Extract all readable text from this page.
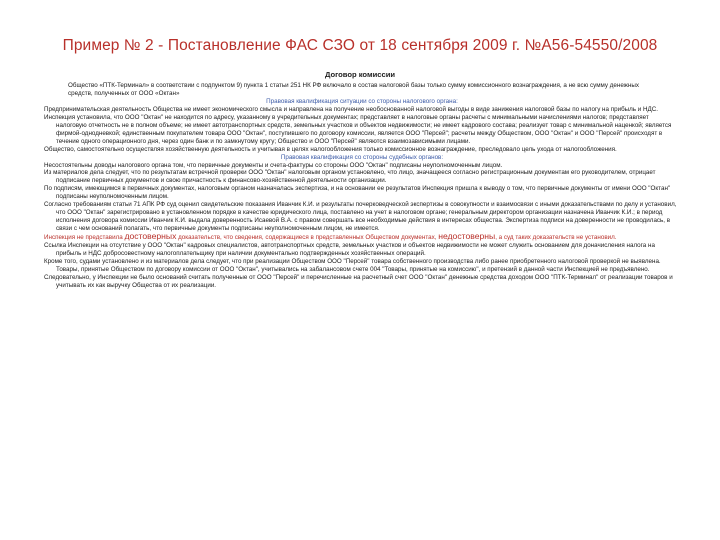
Пример № 2 - Постановление ФАС СЗО от 18 сентября 2009 г. №А56-54550/2008
Договор комиссии

Общество «ПТК-Терминал» в соответствии с подпунктом 9) пункта 1 статьи 251 НК РФ включало в состав налоговой базы только сумму комиссионного вознаграждения, а не всю сумму денежных средств, полученных от ООО «Октан»

Правовая квалификация ситуации со стороны налогового органа:

Предпринимательская деятельность Общества не имеет экономического смысла и направлена на получение необоснованной налоговой выгоды в виде занижения налоговой базы по налогу на прибыль и НДС.

Инспекция установила, что ООО "Октан" не находится по адресу, указанному в учредительных документах; представляет в налоговые органы расчеты с минимальными начислениями налогов; представляет налоговую отчетность не в полном объеме; не имеет автотранспортных средств, земельных участков и объектов недвижимости; не имеет кадрового состава; реализует товар с минимальной наценкой; является фирмой-однодневкой; единственным покупателем товара ООО "Октан", поступившего по договору комиссии, является ООО "Персей"; расчеты между Обществом, ООО "Октан" и ООО "Персей" происходят в течение одного операционного дня, через один банк и по замкнутому кругу; Общество и ООО "Персей" являются взаимозависимыми лицами.

Общество, самостоятельно осуществляя хозяйственную деятельность и учитывая в целях налогообложения только комиссионное вознаграждение, преследовало цель ухода от налогообложения.

Правовая квалификация со стороны судебных органов:

Несостоятельны доводы налогового органа том, что первичные документы и счета-фактуры со стороны ООО "Октан" подписаны неуполномоченным лицом.

Из материалов дела следует, что по результатам встречной проверки ООО "Октан" налоговым органом установлено, что лицо, значащееся согласно регистрационным документам его руководителем, отрицает подписание первичных документов и свою причастность к финансово-хозяйственной деятельности организации.

По подписям, имеющимся в первичных документах, налоговым органом назначалась экспертиза, и на основании ее результатов Инспекция пришла к выводу о том, что первичные документы от имени ООО "Октан" подписаны неуполномоченным лицом.

Согласно требованиям статьи 71 АПК РФ суд оценил свидетельские показания Иванчик К.И. и результаты почерковедческой экспертизы в совокупности и взаимосвязи с иными доказательствами по делу и установил, что ООО "Октан" зарегистрировано в установленном порядке в качестве юридического лица, поставлено на учет в налоговом органе; генеральным директором организации назначена Иванчик К.И.; в период исполнения договора комиссии Иванчик К.И. выдала доверенность Исаевой В.А. с правом совершать все необходимые действия в интересах общества. Экспертиза подписи на доверенности не проводилась, в связи с чем оснований полагать, что первичные документы подписаны неуполномоченным лицом, не имеется.

Инспекция не представила достоверных доказательств, что сведения, содержащиеся в представленных Обществом документах, недостоверны, а суд таких доказательств не установил.

Ссылка Инспекции на отсутствие у ООО "Октан" кадровых специалистов, автотранспортных средств, земельных участков и объектов недвижимости не может служить основанием для доначисления налога на прибыль и НДС добросовестному налогоплательщику при наличии документально подтвержденных хозяйственных операций.

Кроме того, судами установлено и из материалов дела следует, что при реализации Обществом ООО "Персей" товара собственного производства либо ранее приобретенного налоговой проверкой не выявлена. Товары, принятые Обществом по договору комиссии от ООО "Октан", учитывались на забалансовом счете 004 "Товары, принятые на комиссию", и претензий в данной части Инспекцией не предъявлено.

Следовательно, у Инспекции не было оснований считать полученные от ООО "Персей" и перечисленные на расчетный счет ООО "Октан" денежные средства доходом ООО "ПТК-Терминал" от реализации товаров и учитывать их как выручку Общества от их реализации.
